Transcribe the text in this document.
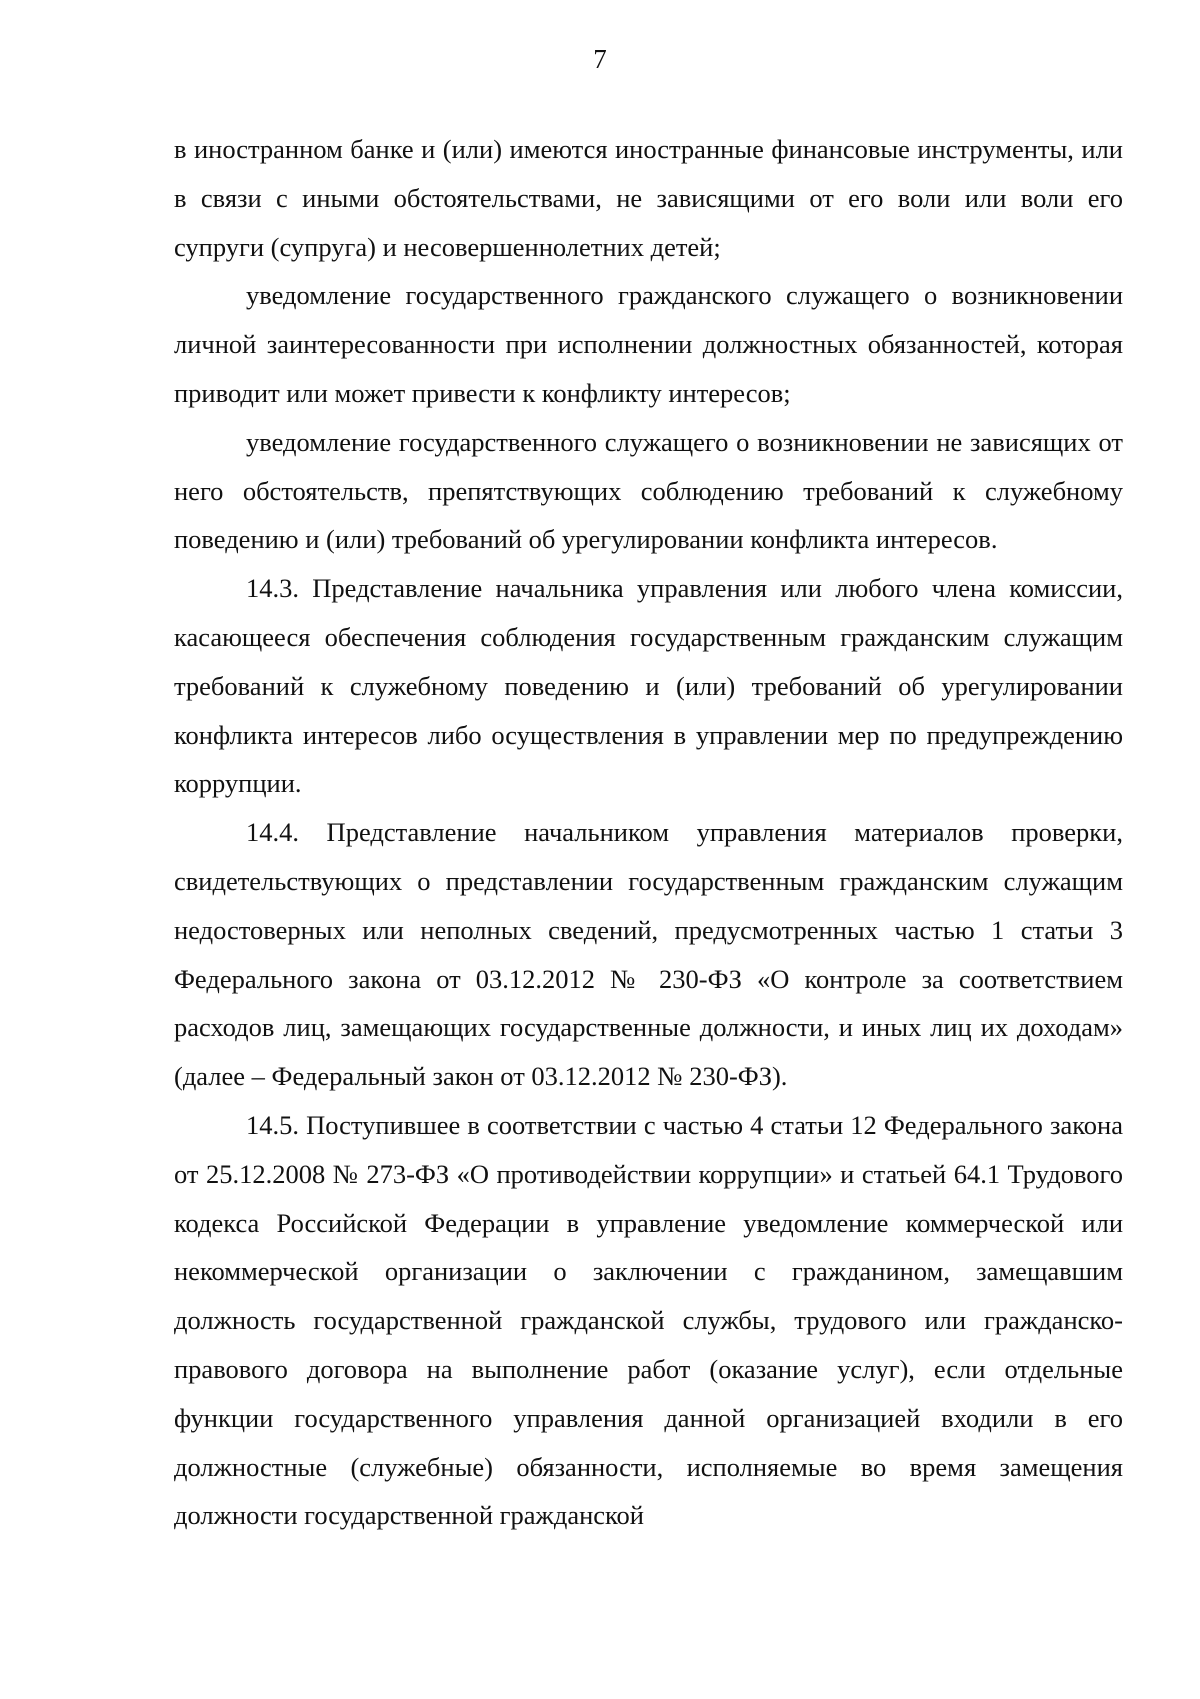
7

в иностранном банке и (или) имеются иностранные финансовые инструменты, или в связи с иными обстоятельствами, не зависящими от его воли или воли его супруги (супруга) и несовершеннолетних детей;

уведомление государственного гражданского служащего о возникновении личной заинтересованности при исполнении должностных обязанностей, которая приводит или может привести к конфликту интересов;

уведомление государственного служащего о возникновении не зависящих от него обстоятельств, препятствующих соблюдению требований к служебному поведению и (или) требований об урегулировании конфликта интересов.

14.3. Представление начальника управления или любого члена комиссии, касающееся обеспечения соблюдения государственным гражданским служащим требований к служебному поведению и (или) требований об урегулировании конфликта интересов либо осуществления в управлении мер по предупреждению коррупции.

14.4. Представление начальником управления материалов проверки, свидетельствующих о представлении государственным гражданским служащим недостоверных или неполных сведений, предусмотренных частью 1 статьи 3 Федерального закона от 03.12.2012 № 230-ФЗ «О контроле за соответствием расходов лиц, замещающих государственные должности, и иных лиц их доходам» (далее – Федеральный закон от 03.12.2012 № 230-ФЗ).

14.5. Поступившее в соответствии с частью 4 статьи 12 Федерального закона от 25.12.2008 № 273-ФЗ «О противодействии коррупции» и статьей 64.1 Трудового кодекса Российской Федерации в управление уведомление коммерческой или некоммерческой организации о заключении с гражданином, замещавшим должность государственной гражданской службы, трудового или гражданско-правового договора на выполнение работ (оказание услуг), если отдельные функции государственного управления данной организацией входили в его должностные (служебные) обязанности, исполняемые во время замещения должности государственной гражданской
